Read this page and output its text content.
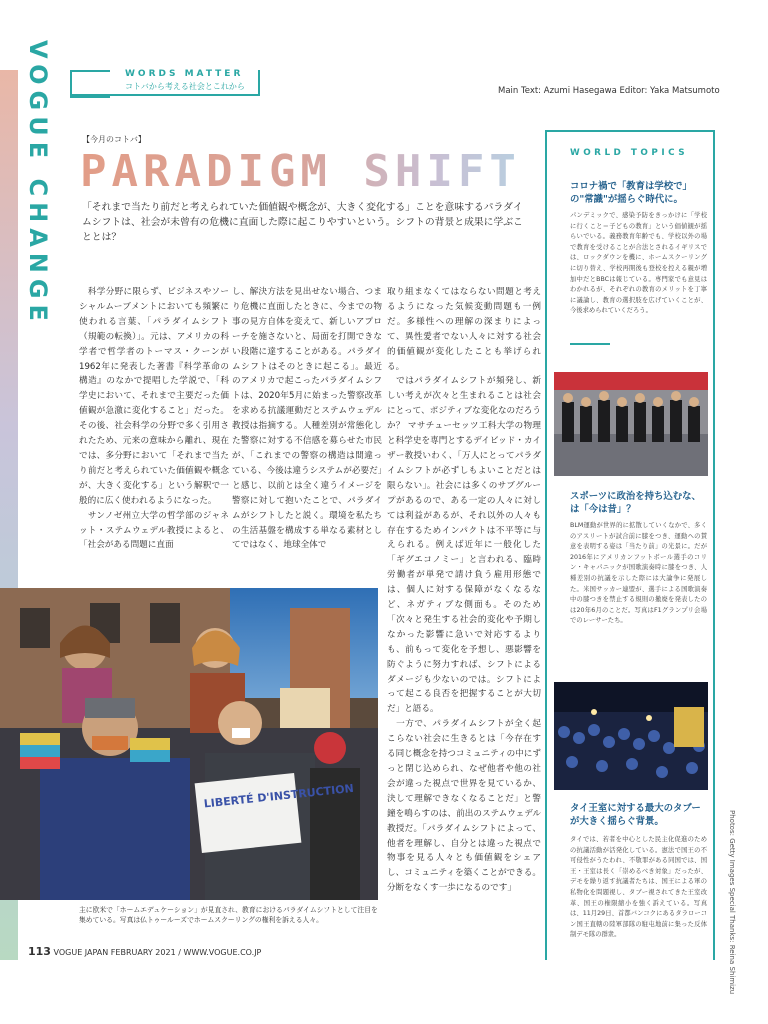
VOGUE CHANGE	WORDS MATTER
コトバから考える社会とこれから	Main Text: Azumi Hasegawa Editor: Yaka Matsumoto
【今月のコトバ】
PARADIGM SHIFT
「それまで当たり前だと考えられていた価値観や概念が、大きく変化する」ことを意味するパラダイムシフトは、社会が未曾有の危機に直面した際に起こりやすいという。シフトの背景と成果に学ぶこととは？
　科学分野に限らず、ビジネスやソーシャルムーブメントにおいても頻繁に使われる言葉、「パラダイムシフト（規範の転換）」。元は、アメリカの科学者で哲学者のトーマス・クーンが1962年に発表した著書『科学革命の構造』のなかで提唱した学説で、「科学史において、それまで主要だった価値観が急激に変化すること」だった。その後、社会科学の分野で多く引用されたため、元来の意味から離れ、現在では、多分野において「それまで当たり前だと考えられていた価値観や概念が、大きく変化する」という解釈で一般的に広く使われるようになった。
　サンノゼ州立大学の哲学部のジャネット・ステムウェデル教授によると、「社会がある問題に直面
し、解決方法を見出せない場合、つまり危機に直面したときに、今までの物事の見方自体を変えて、新しいアプローチを施さないと、局面を打開できない段階に達することがある。パラダイムシフトはそのときに起こる」。最近のアメリカで起こったパラダイムシフトは、2020年5月に始まった警察改革を求める抗議運動だとステムウェデル教授は指摘する。人種差別が常態化した警察に対する不信感を募らせた市民が、「これまでの警察の構造は間違っている、今後は違うシステムが必要だ」と感じ、以前とは全く違うイメージを警察に対して抱いたことで、パラダイムがシフトしたと説く。環境を私たちの生活基盤を構成する単なる素材としてではなく、地球全体で
取り組まなくてはならない問題と考えるようになった気候変動問題も一例だ。多様性への理解の深まりによって、異性愛者でない人々に対する社会的価値観が変化したことも挙げられる。
　ではパラダイムシフトが頻発し、新しい考えが次々と生まれることは社会にとって、ポジティブな変化なのだろうか？ マサチューセッツ工科大学の物理と科学史を専門とするデイビッド・カイザー教授いわく、「万人にとってパラダイムシフトが必ずしもよいことだとは限らない」。社会には多くのサブグループがあるので、ある一定の人々に対しては利益があるが、それ以外の人々も存在するためインパクトは不平等に与えられる。例えば近年に一般化した「ギグエコノミー」と言われる、臨時労働者が単発で請け負う雇用形態では、個人に対する保障がなくなるなど、ネガティブな側面も。そのため「次々と発生する社会的変化や予期しなかった影響に急いで対応するよりも、前もって変化を予想し、悪影響を防ぐように努力すれば、シフトによるダメージも少ないのでは。シフトによって起こる良否を把握することが大切だ」と語る。
　一方で、パラダイムシフトが全く起こらない社会に生きるとは「今存在する同じ概念を持つコミュニティの中にずっと閉じ込められ、なぜ他者や他の社会が違った視点で世界を見ているか、決して理解できなくなることだ」と警鐘を鳴らすのは、前出のステムウェデル教授だ。「パラダイムシフトによって、他者を理解し、自分とは違った視点で物事を見る人々とも価値観をシェアし、コミュニティを築くことができる。分断をなくす一歩になるのです」
LIBERTÉ D'INSTRUCTION
主に欧米で「ホームエデュケーション」が見直され、教育におけるパラダイムシフトとして注目を集めている。写真は仏トゥールーズでホームスクーリングの権利を訴える人々。
WORLD TOPICS
コロナ禍で「教育は学校で」の"常識"が揺らぐ時代に。
パンデミックで、感染予防をきっかけに「学校に行くこと＝子どもの教育」という価値観が揺らいでいる。義務教育年齢でも、学校以外の場で教育を受けることが合法とされるイギリスでは、ロックダウンを機に、ホームスクーリングに切り替え、学校再開後も登校を控える親が増加中だとBBCは報じている。専門家でも意見はわかれるが、それぞれの教育のメリットを丁寧に議論し、教育の選択肢を広げていくことが、今後求められていくだろう。
スポーツに政治を持ち込むな、は「今は昔」？
BLM運動が世界的に拡散していくなかで、多くのアスリートが試合前に膝をつき、運動への賛意を表明する姿は「当たり前」の光景に。だが2016年にアメリカンフットボール選手のコリン・キャパニックが国歌演奏時に膝をつき、人種差別の抗議を示した際には大論争に発展した。米国サッカー連盟が、選手による国歌演奏中の膝つきを禁止する規則の撤廃を発表したのは20年6月のことだ。写真はF1グランプリ会場でのレーサーたち。
タイ王室に対する最大のタブーが大きく揺らぐ背景。
タイでは、若者を中心とした民主化促進のための抗議活動が活発化している。憲法で国王の不可侵性がうたわれ、不敬罪がある同国では、国王・王室は長く「崇めるべき対象」だったが、デモを繰り返す抗議者たちは、国王による軍の私物化を問題視し、タブー視されてきた王室改革、国王の権限縮小を強く訴えている。写真は、11月29日、首都バンコクにあるタラローコン国王直轄の陸軍部隊の駐屯地前に集った反体制デモ隊の群衆。	Photos: Getty Images Special Thanks: Reina Shimizu
113 VOGUE JAPAN FEBRUARY 2021 / WWW.VOGUE.CO.JP
